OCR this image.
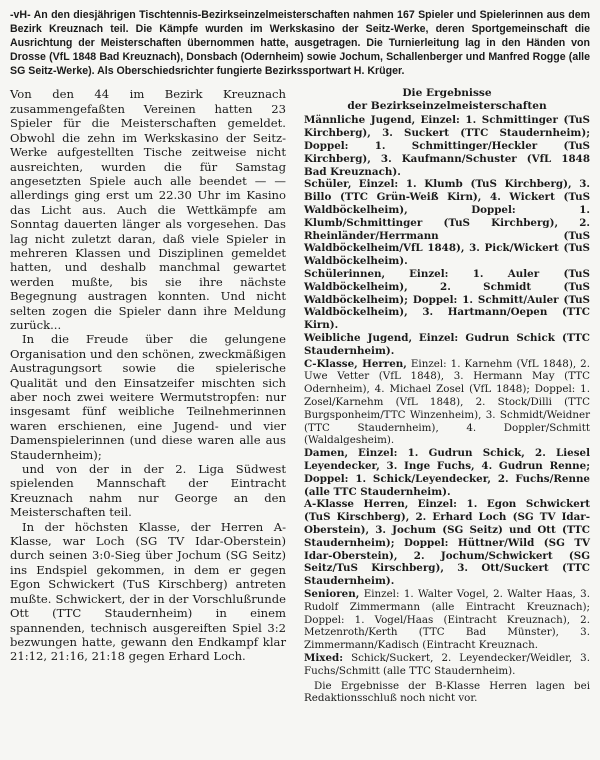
-vH- An den diesjährigen Tischtennis-Bezirkseinzelmeisterschaften nahmen 167 Spieler und Spielerinnen aus dem Bezirk Kreuznach teil. Die Kämpfe wurden im Werkskasino der Seitz-Werke, deren Sportgemeinschaft die Ausrichtung der Meisterschaften übernommen hatte, ausgetragen. Die Turnierleitung lag in den Händen von Drosse (VfL 1848 Bad Kreuznach), Donsbach (Odernheim) sowie Jochum, Schallenberger und Manfred Rogge (alle SG Seitz-Werke). Als Oberschiedsrichter fungierte Bezirkssportwart H. Krüger.

Von den 44 im Bezirk Kreuznach zusammengefaßten Vereinen hatten 23 Spieler für die Meisterschaften gemeldet. Obwohl die zehn im Werkskasino der Seitz-Werke aufgestellten Tische zeitweise nicht ausreichten, wurden die für Samstag angesetzten Spiele auch alle beendet — — allerdings ging erst um 22.30 Uhr im Kasino das Licht aus. Auch die Wettkämpfe am Sonntag dauerten länger als vorgesehen. Das lag nicht zuletzt daran, daß viele Spieler in mehreren Klassen und Disziplinen gemeldet hatten, und deshalb manchmal gewartet werden mußte, bis sie ihre nächste Begegnung austragen konnten. Und nicht selten zogen die Spieler dann ihre Meldung zurück...

In die Freude über die gelungene Organisation und den schönen, zweckmäßigen Austragungsort sowie die spielerische Qualität und den Einsatzeifer mischten sich aber noch zwei weitere Wermutstropfen: nur insgesamt fünf weibliche Teilnehmerinnen waren erschienen, eine Jugend- und vier Damenspielerinnen (und diese waren alle aus Staudernheim);

und von der in der 2. Liga Südwest spielenden Mannschaft der Eintracht Kreuznach nahm nur George an den Meisterschaften teil.

In der höchsten Klasse, der Herren A-Klasse, war Loch (SG TV Idar-Oberstein) durch seinen 3:0-Sieg über Jochum (SG Seitz) ins Endspiel gekommen, in dem er gegen Egon Schwickert (TuS Kirschberg) antreten mußte. Schwickert, der in der Vorschlußrunde Ott (TTC Staudernheim) in einem spannenden, technisch ausgereiften Spiel 3:2 bezwungen hatte, gewann den Endkampf klar 21:12, 21:16, 21:18 gegen Erhard Loch.

Die Ergebnisse
der Bezirkseinzelmeisterschaften

Männliche Jugend, Einzel: 1. Schmittinger (TuS Kirchberg), 3. Suckert (TTC Staudernheim); Doppel: 1. Schmittinger/Heckler (TuS Kirchberg), 3. Kaufmann/Schuster (VfL 1848 Bad Kreuznach).

Schüler, Einzel: 1. Klumb (TuS Kirchberg), 3. Billo (TTC Grün-Weiß Kirn), 4. Wickert (TuS Waldböckelheim), Doppel: 1. Klumb/Schmittinger (TuS Kirchberg), 2. Rheinländer/Herrmann (TuS Waldböckelheim/VfL 1848), 3. Pick/Wickert (TuS Waldböckelheim).

Schülerinnen, Einzel: 1. Auler (TuS Waldböckelheim), 2. Schmidt (TuS Waldböckelheim); Doppel: 1. Schmitt/Auler (TuS Waldböckelheim), 3. Hartmann/Oepen (TTC Kirn).

Weibliche Jugend, Einzel: Gudrun Schick (TTC Staudernheim).

C-Klasse, Herren, Einzel: 1. Karnehm (VfL 1848), 2. Uwe Vetter (VfL 1848), 3. Hermann May (TTC Odernheim), 4. Michael Zosel (VfL 1848); Doppel: 1. Zosel/Karnehm (VfL 1848), 2. Stock/Dilli (TTC Burgsponheim/TTC Winzenheim), 3. Schmidt/Weidner (TTC Staudernheim), 4. Doppler/Schmitt (Waldalgesheim).

Damen, Einzel: 1. Gudrun Schick, 2. Liesel Leyendecker, 3. Inge Fuchs, 4. Gudrun Renne; Doppel: 1. Schick/Leyendecker, 2. Fuchs/Renne (alle TTC Staudernheim).

A-Klasse Herren, Einzel: 1. Egon Schwickert (TuS Kirschberg), 2. Erhard Loch (SG TV Idar-Oberstein), 3. Jochum (SG Seitz) und Ott (TTC Staudernheim); Doppel: Hüttner/Wild (SG TV Idar-Oberstein), 2. Jochum/Schwickert (SG Seitz/TuS Kirschberg), 3. Ott/Suckert (TTC Staudernheim).

Senioren, Einzel: 1. Walter Vogel, 2. Walter Haas, 3. Rudolf Zimmermann (alle Eintracht Kreuznach); Doppel: 1. Vogel/Haas (Eintracht Kreuznach), 2. Metzenroth/Kerth (TTC Bad Münster), 3. Zimmermann/Kadisch (Eintracht Kreuznach.

Mixed: Schick/Suckert, 2. Leyendecker/Weidler, 3. Fuchs/Schmitt (alle TTC Staudernheim).

Die Ergebnisse der B-Klasse Herren lagen bei Redaktionsschluß noch nicht vor.
